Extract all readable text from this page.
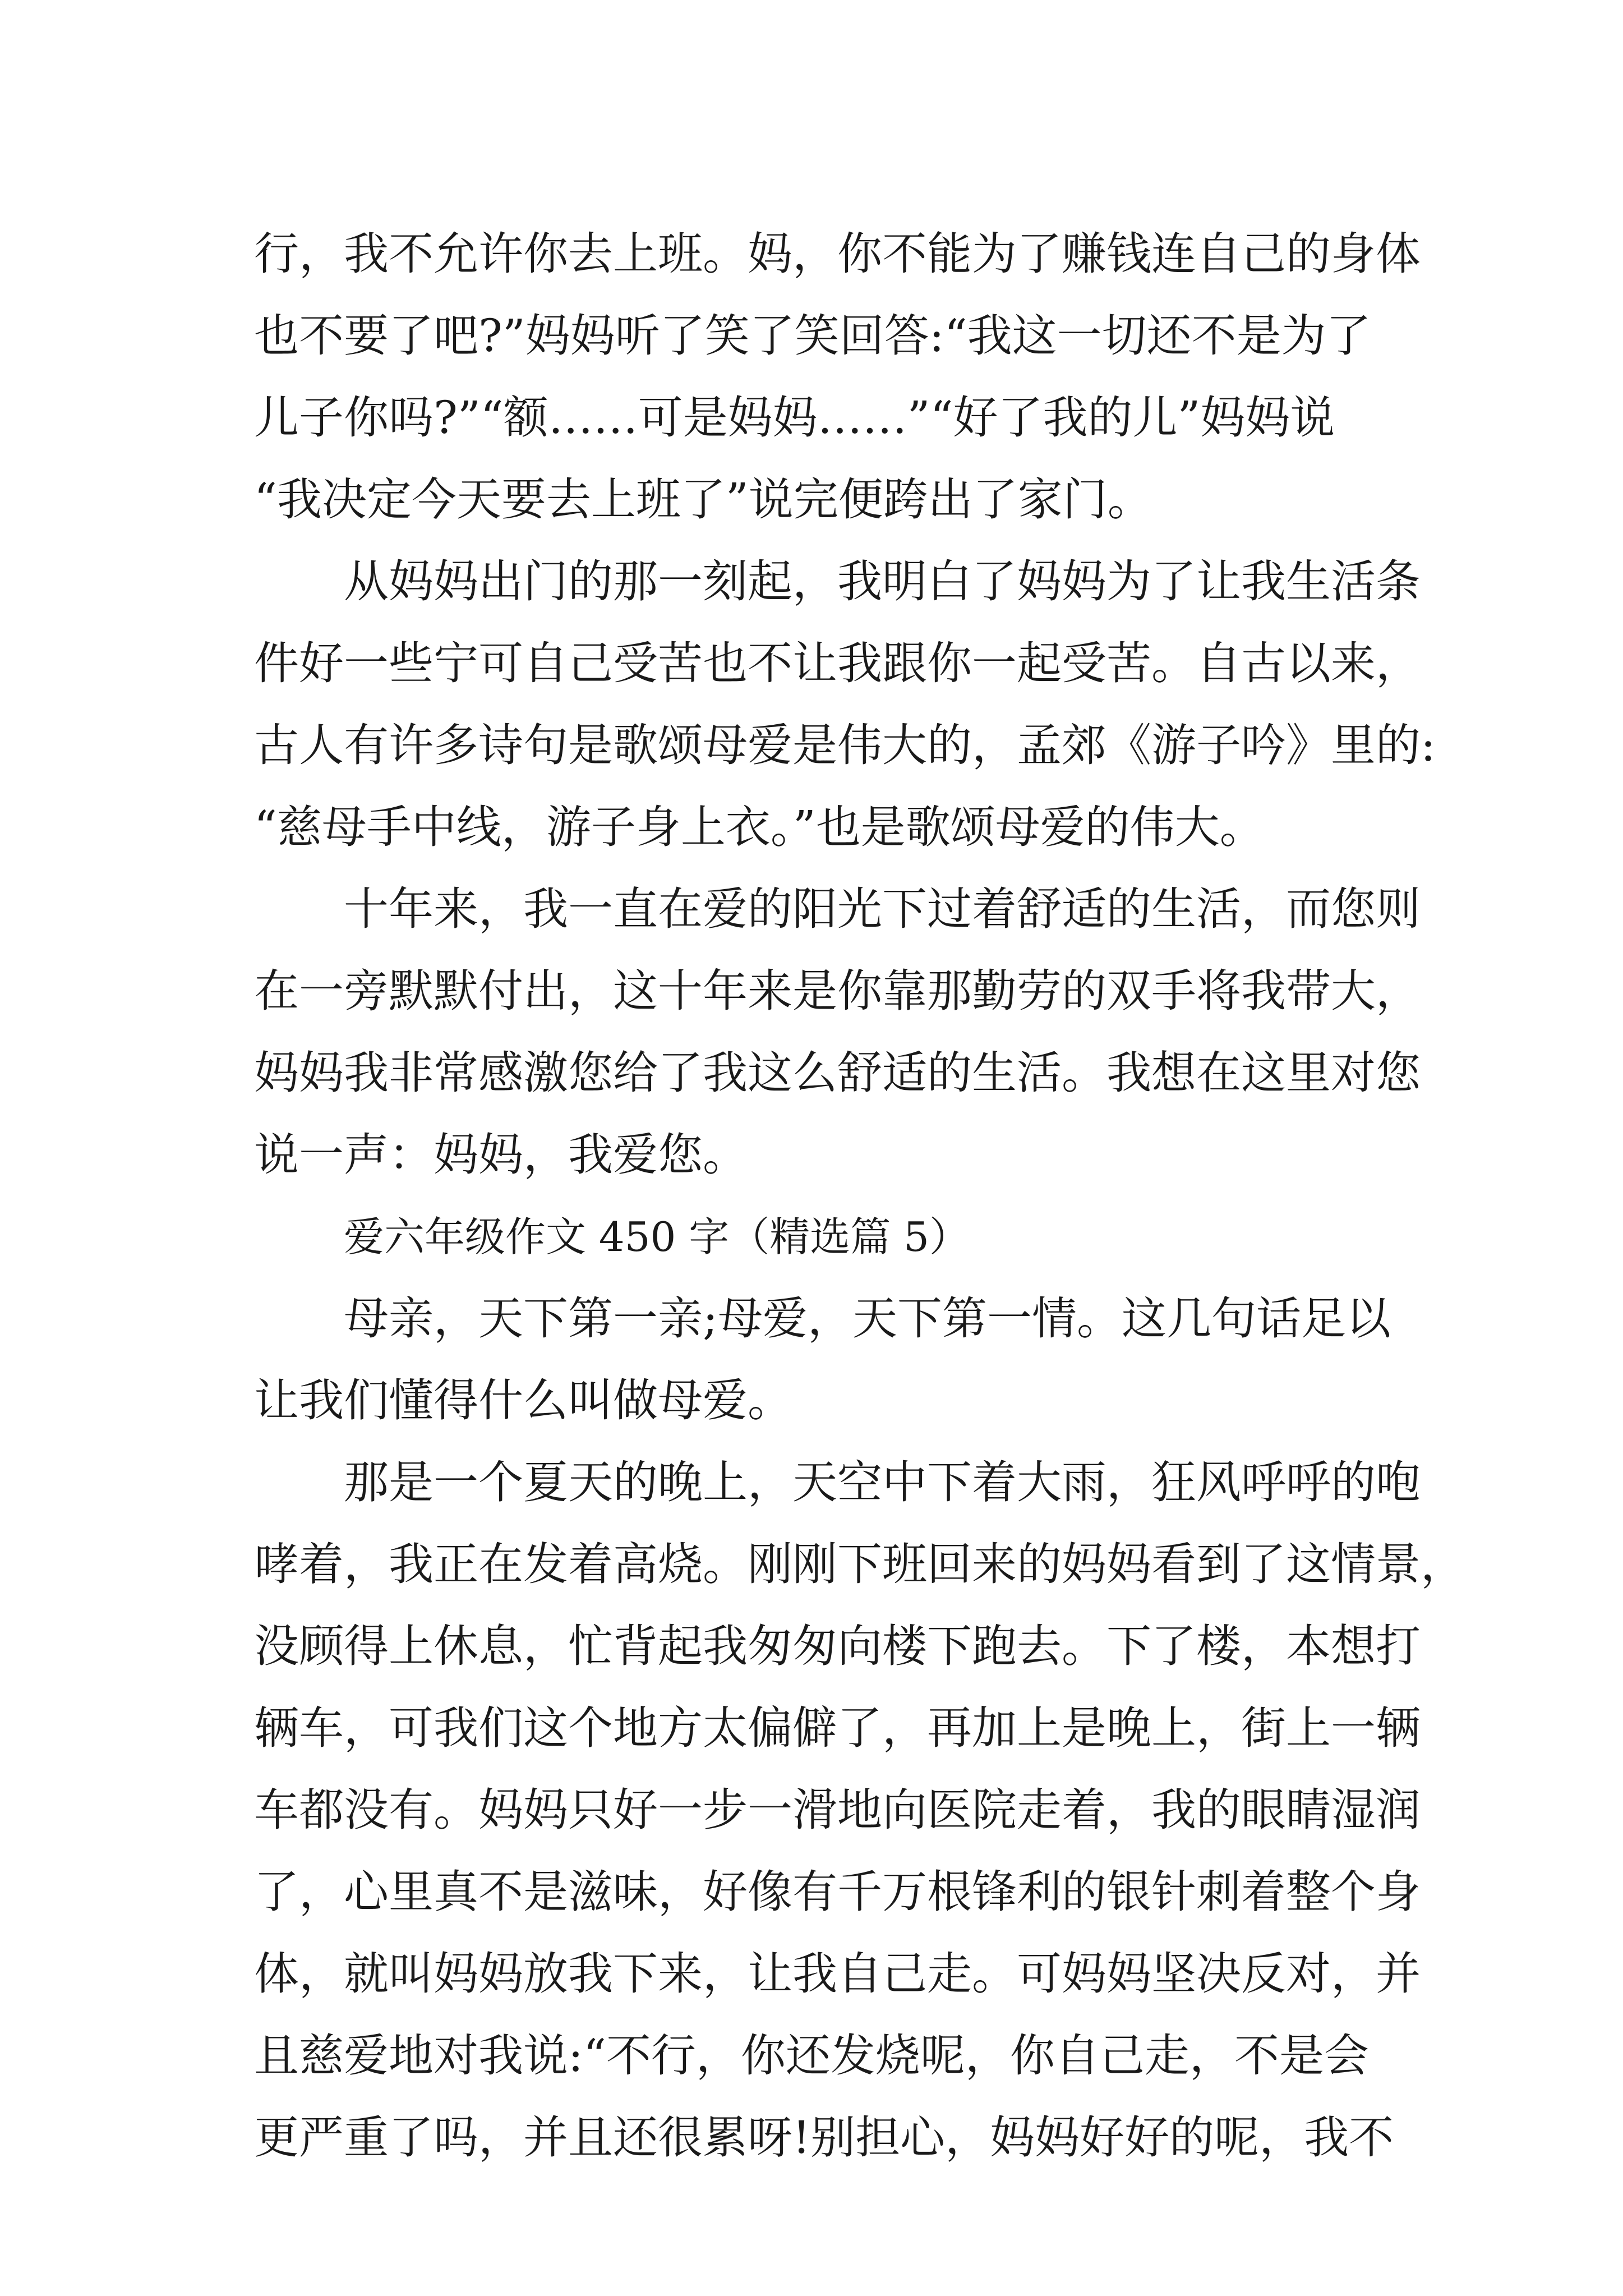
行，我不允许你去上班。妈，你不能为了赚钱连自己的身体
也不要了吧?”妈妈听了笑了笑回答:“我这一切还不是为了
儿子你吗?”“额……可是妈妈……”“好了我的儿”妈妈说
“我决定今天要去上班了”说完便跨出了家门。
从妈妈出门的那一刻起，我明白了妈妈为了让我生活条
件好一些宁可自己受苦也不让我跟你一起受苦。自古以来，
古人有许多诗句是歌颂母爱是伟大的，孟郊《游子吟》里的:
“慈母手中线，游子身上衣。”也是歌颂母爱的伟大。
十年来，我一直在爱的阳光下过着舒适的生活，而您则
在一旁默默付出，这十年来是你靠那勤劳的双手将我带大，
妈妈我非常感激您给了我这么舒适的生活。我想在这里对您
说一声：妈妈，我爱您。
爱六年级作文 450 字（精选篇 5）
母亲，天下第一亲;母爱，天下第一情。这几句话足以
让我们懂得什么叫做母爱。
那是一个夏天的晚上，天空中下着大雨，狂风呼呼的咆
哮着，我正在发着高烧。刚刚下班回来的妈妈看到了这情景，
没顾得上休息，忙背起我匆匆向楼下跑去。下了楼，本想打
辆车，可我们这个地方太偏僻了，再加上是晚上，街上一辆
车都没有。妈妈只好一步一滑地向医院走着，我的眼睛湿润
了，心里真不是滋味，好像有千万根锋利的银针刺着整个身
体，就叫妈妈放我下来，让我自己走。可妈妈坚决反对，并
且慈爱地对我说:“不行，你还发烧呢，你自己走，不是会
更严重了吗，并且还很累呀!别担心，妈妈好好的呢，我不
